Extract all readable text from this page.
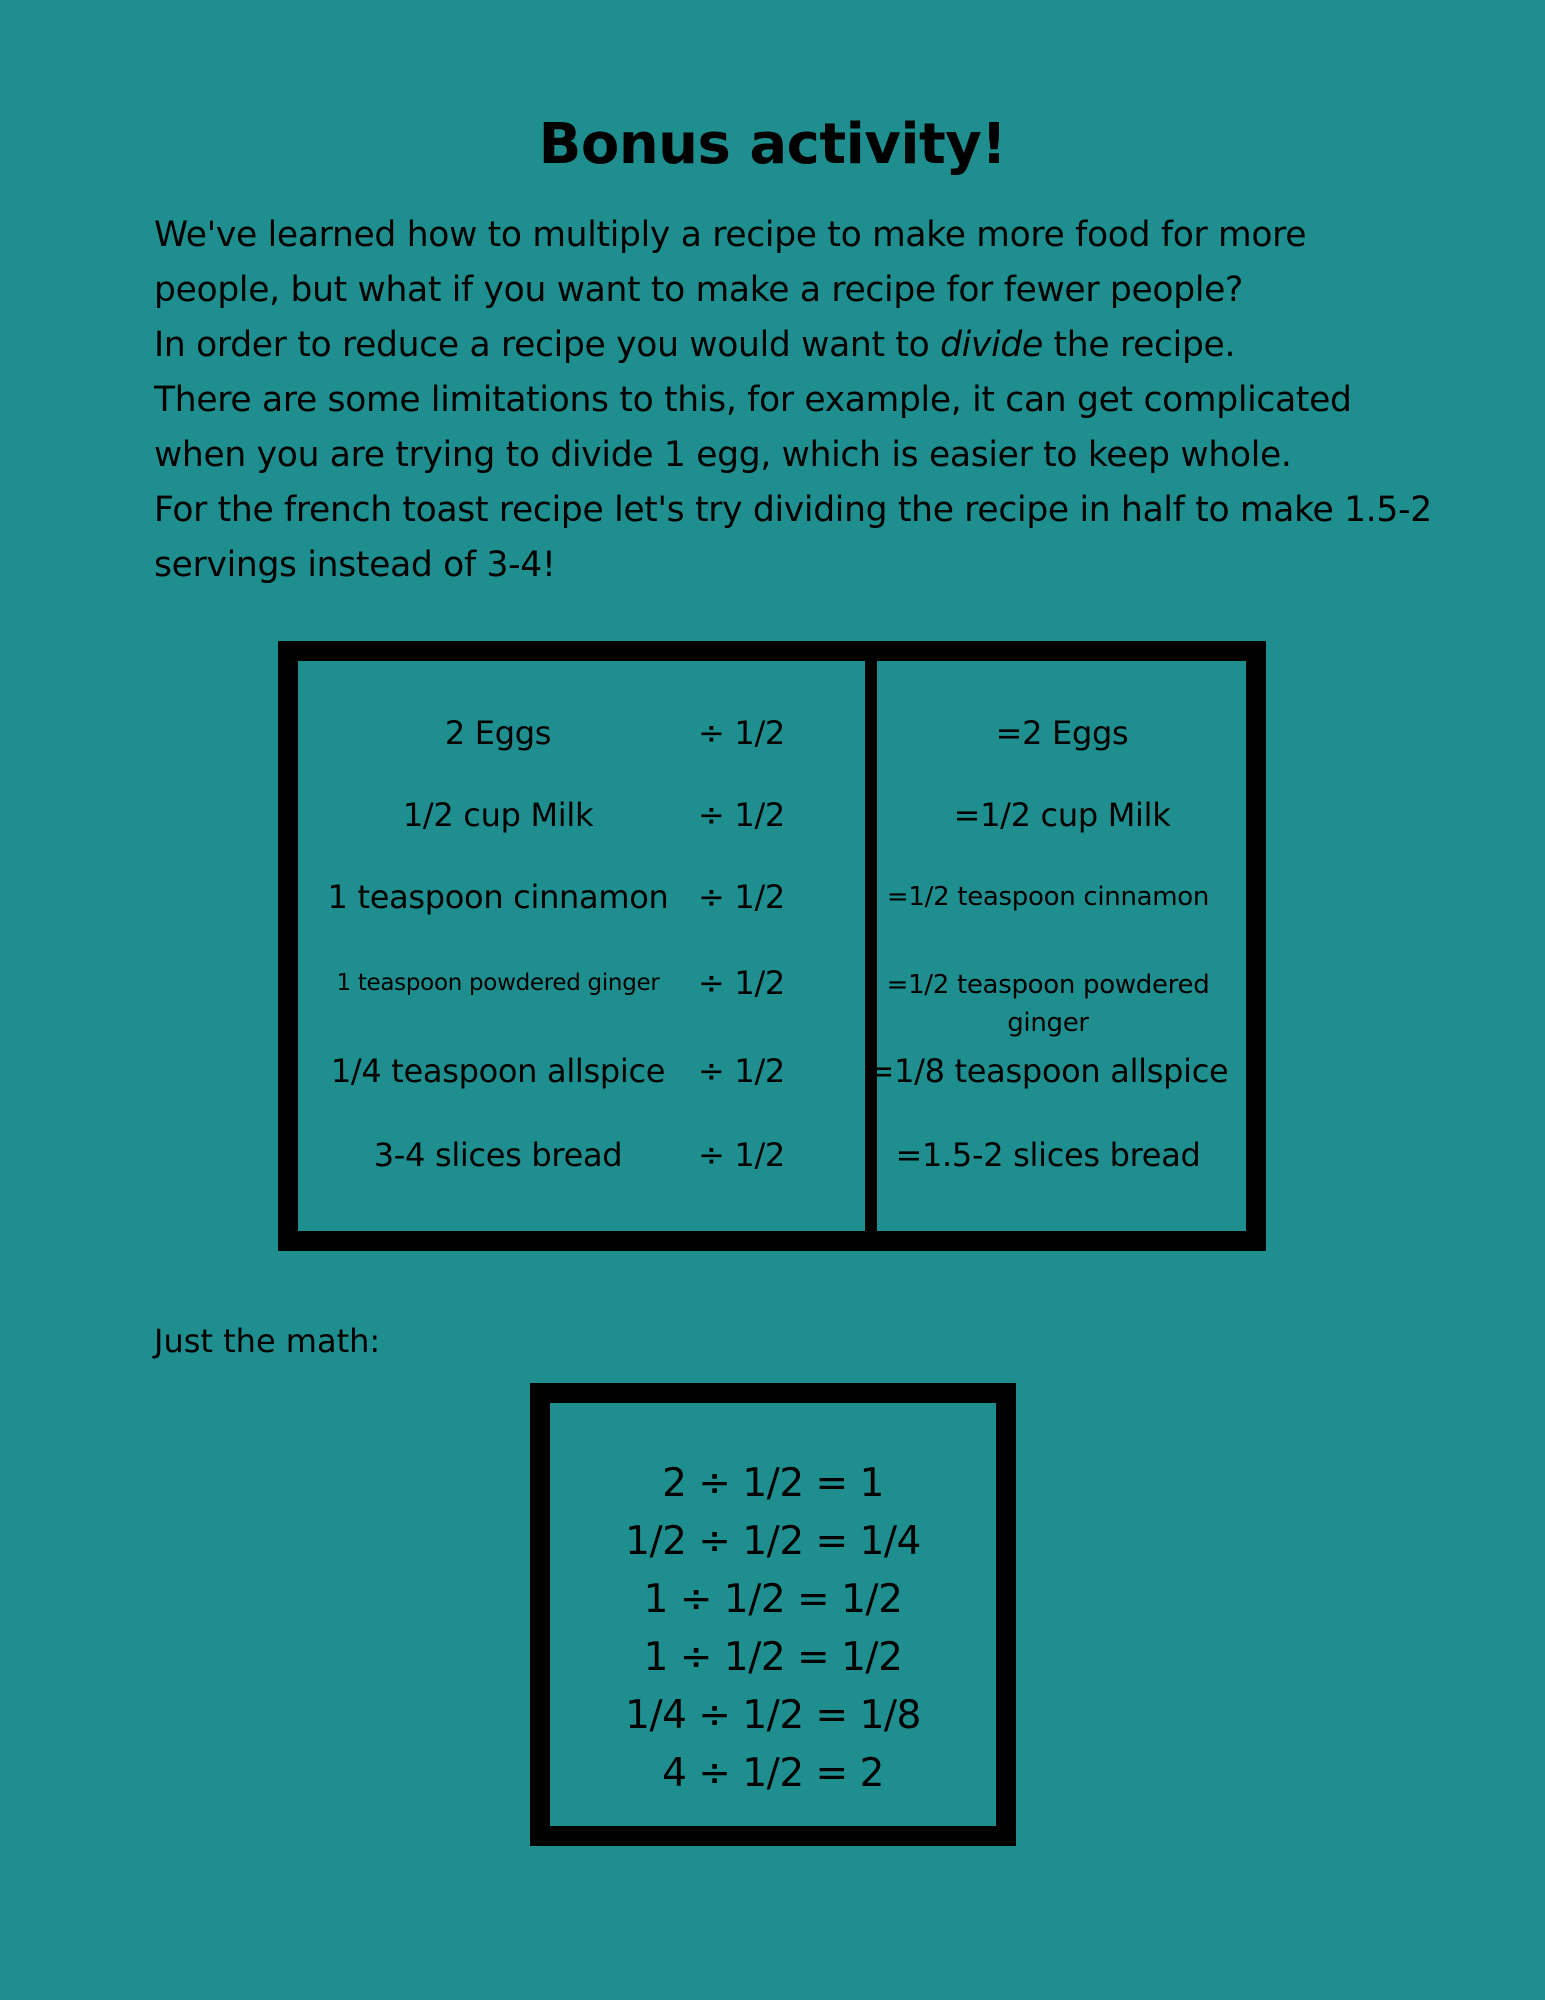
Bonus activity!

We've learned how to multiply a recipe to make more food for more people, but what if you want to make a recipe for fewer people?

In order to reduce a recipe you would want to divide the recipe.

There are some limitations to this, for example, it can get complicated when you are trying to divide 1 egg, which is easier to keep whole.

For the french toast recipe let's try dividing the recipe in half to make 1.5-2 servings instead of 3-4!

2 Eggs	÷ 1/2	=2 Eggs
1/2 cup Milk	÷ 1/2	=1/2 cup Milk
1 teaspoon cinnamon ÷ 1/2	=1/2 teaspoon cinnamon
1 teaspoon powdered ginger ÷ 1/2	=1/2 teaspoon powdered ginger
1/4 teaspoon allspice ÷ 1/2	=1/8 teaspoon allspice
3-4 slices bread ÷ 1/2	=1.5-2 slices bread
Just the math:
2 ÷ 1/2 = 1
1/2 ÷ 1/2 = 1/4
1 ÷ 1/2 = 1/2
1 ÷ 1/2 = 1/2
1/4 ÷ 1/2 = 1/8
4 ÷ 1/2 = 2
